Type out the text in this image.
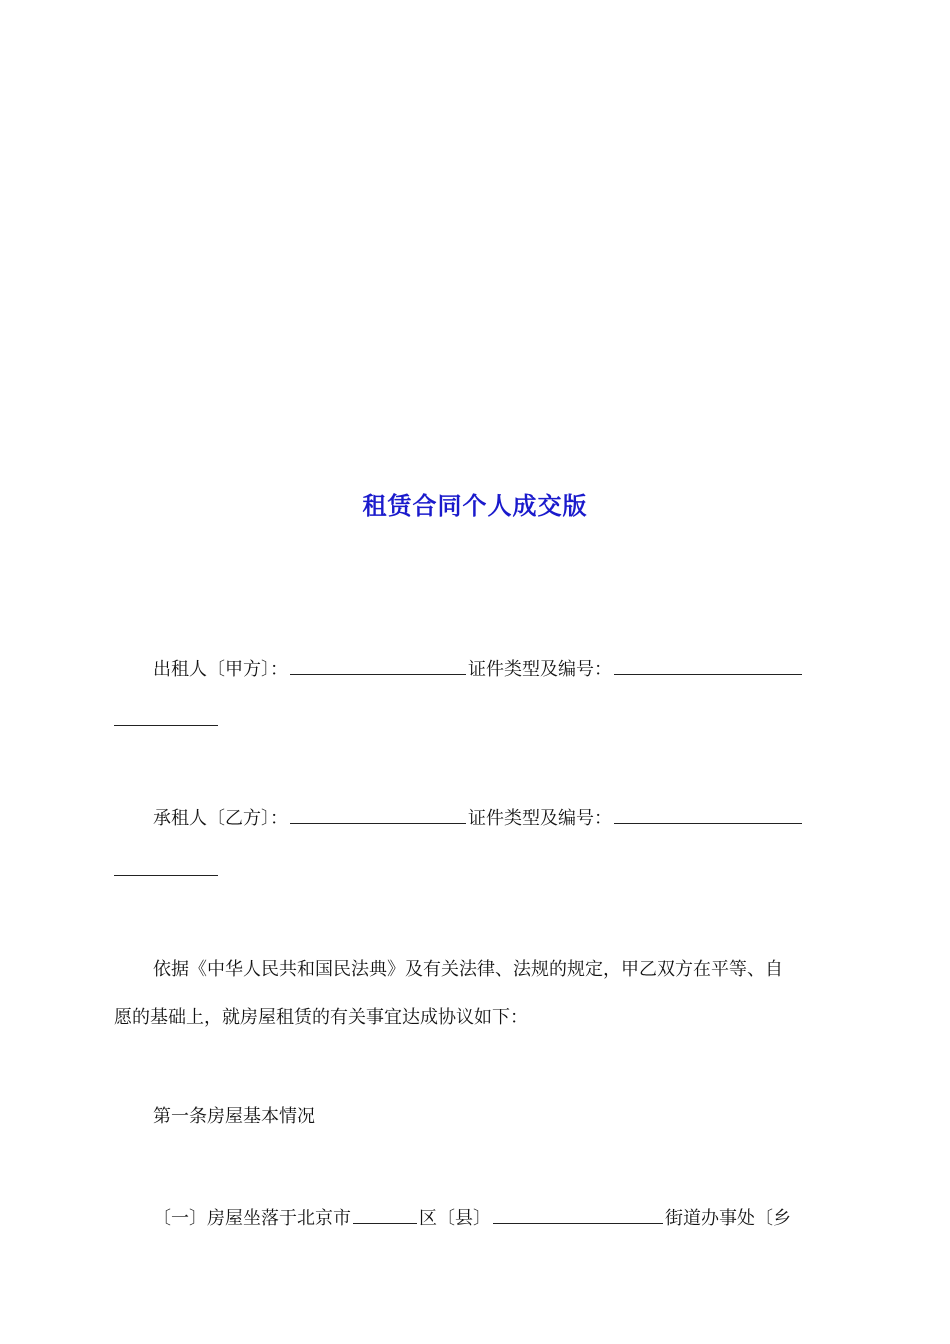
租赁合同个人成交版
出租人〔甲方〕：	证件类型及编号：
承租人〔乙方〕：	证件类型及编号：
依据《中华人民共和国民法典》及有关法律、法规的规定，甲乙双方在平等、自
愿的基础上，就房屋租赁的有关事宜达成协议如下：
第一条房屋基本情况
〔一〕房屋坐落于北京市	区〔县〕	街道办事处〔乡
